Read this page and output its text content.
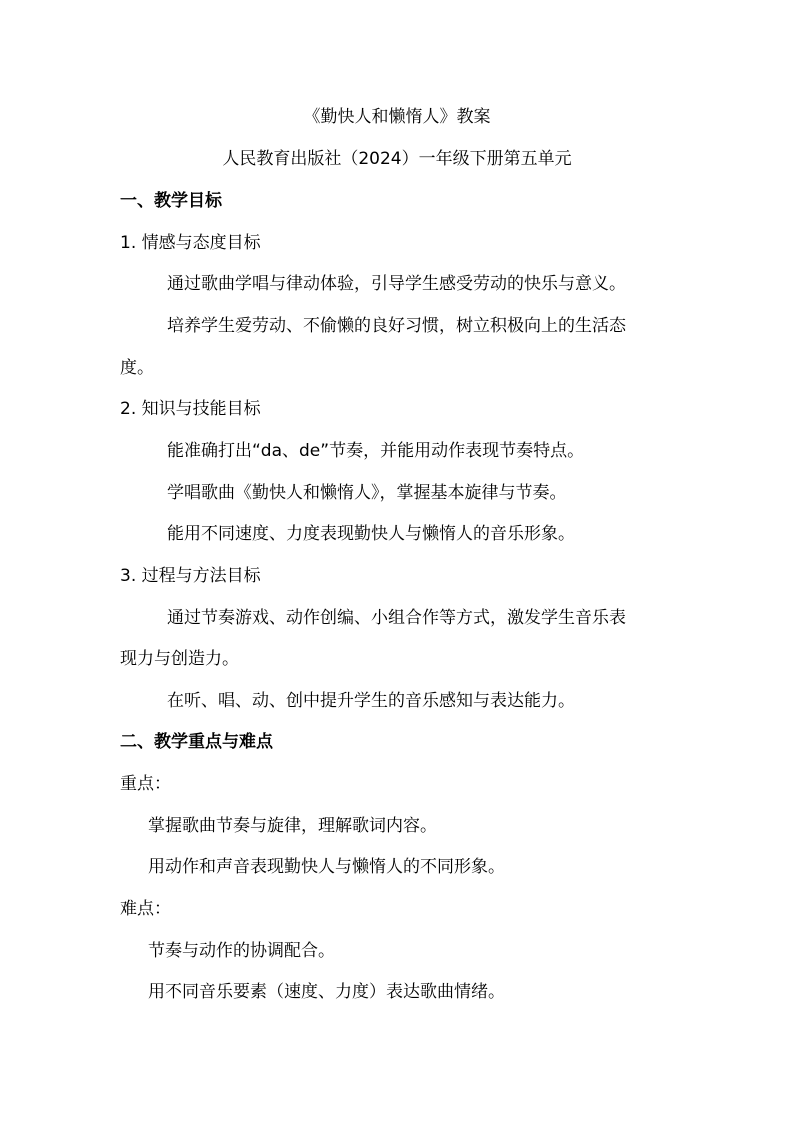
《勤快人和懒惰人》教案
人民教育出版社（2024）一年级下册第五单元
一、教学目标
1. 情感与态度目标
通过歌曲学唱与律动体验，引导学生感受劳动的快乐与意义。
培养学生爱劳动、不偷懒的良好习惯，树立积极向上的生活态
度。
2. 知识与技能目标
能准确打出“da、de”节奏，并能用动作表现节奏特点。
学唱歌曲《勤快人和懒惰人》，掌握基本旋律与节奏。
能用不同速度、力度表现勤快人与懒惰人的音乐形象。
3. 过程与方法目标
通过节奏游戏、动作创编、小组合作等方式，激发学生音乐表
现力与创造力。
在听、唱、动、创中提升学生的音乐感知与表达能力。
二、教学重点与难点
重点：
掌握歌曲节奏与旋律，理解歌词内容。
用动作和声音表现勤快人与懒惰人的不同形象。
难点：
节奏与动作的协调配合。
用不同音乐要素（速度、力度）表达歌曲情绪。
